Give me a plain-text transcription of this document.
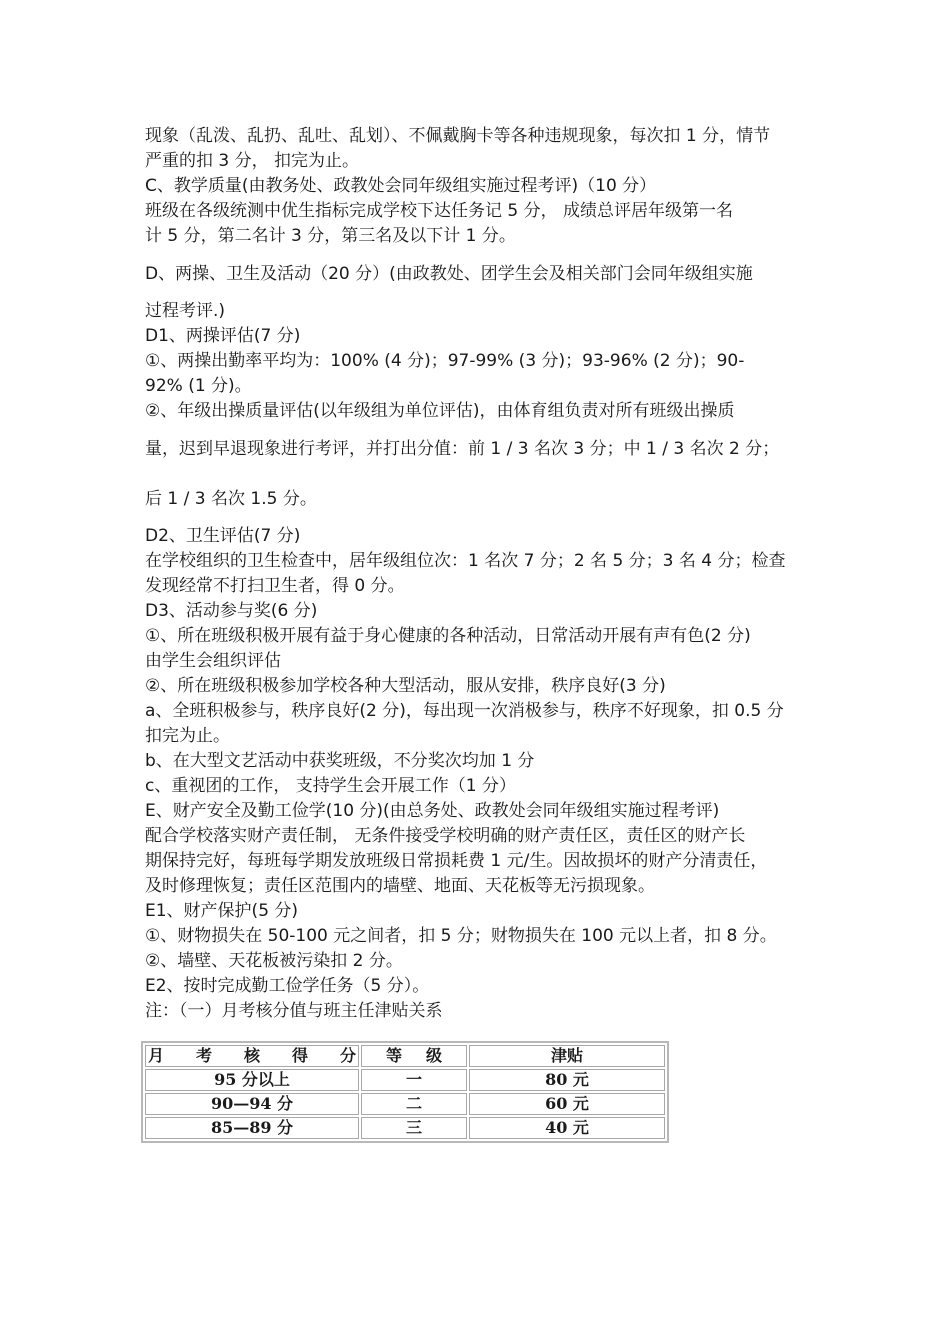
现象（乱泼、乱扔、乱吐、乱划）、不佩戴胸卡等各种违规现象，每次扣 1 分，情节
严重的扣 3 分， 扣完为止。
C、教学质量(由教务处、政教处会同年级组实施过程考评)（10 分）
班级在各级统测中优生指标完成学校下达任务记 5 分， 成绩总评居年级第一名
计 5 分，第二名计 3 分，第三名及以下计 1 分。
D、两操、卫生及活动（20 分）(由政教处、团学生会及相关部门会同年级组实施
过程考评.)
D1、两操评估(7 分)
①、两操出勤率平均为：100% (4 分)；97-99% (3 分)；93-96% (2 分)；90-
92% (1 分)。
②、年级出操质量评估(以年级组为单位评估)，由体育组负责对所有班级出操质
量，迟到早退现象进行考评，并打出分值：前 1 / 3 名次 3 分；中 1 / 3 名次 2 分；
后 1 / 3 名次 1.5 分。
D2、卫生评估(7 分)
在学校组织的卫生检查中，居年级组位次：1 名次 7 分；2 名 5 分；3 名 4 分；检查
发现经常不打扫卫生者，得 0 分。
D3、活动参与奖(6 分)
①、所在班级积极开展有益于身心健康的各种活动，日常活动开展有声有色(2 分)
由学生会组织评估
②、所在班级积极参加学校各种大型活动，服从安排，秩序良好(3 分)
a、全班积极参与，秩序良好(2 分)，每出现一次消极参与，秩序不好现象，扣 0.5 分
扣完为止。
b、在大型文艺活动中获奖班级，不分奖次均加 1 分
c、重视团的工作， 支持学生会开展工作（1 分）
E、财产安全及勤工俭学(10 分)(由总务处、政教处会同年级组实施过程考评)
配合学校落实财产责任制， 无条件接受学校明确的财产责任区，责任区的财产长
期保持完好，每班每学期发放班级日常损耗费 1 元/生。因故损坏的财产分清责任，
及时修理恢复；责任区范围内的墙壁、地面、天花板等无污损现象。
E1、财产保护(5 分)
①、财物损失在 50-100 元之间者，扣 5 分；财物损失在 100 元以上者，扣 8 分。
②、墙壁、天花板被污染扣 2 分。
E2、按时完成勤工俭学任务（5 分）。
注：（一）月考核分值与班主任津贴关系
月 考 核 得 分	等 级	津贴
95 分以上	一	80 元
90—94 分	二	60 元
85—89 分	三	40 元
